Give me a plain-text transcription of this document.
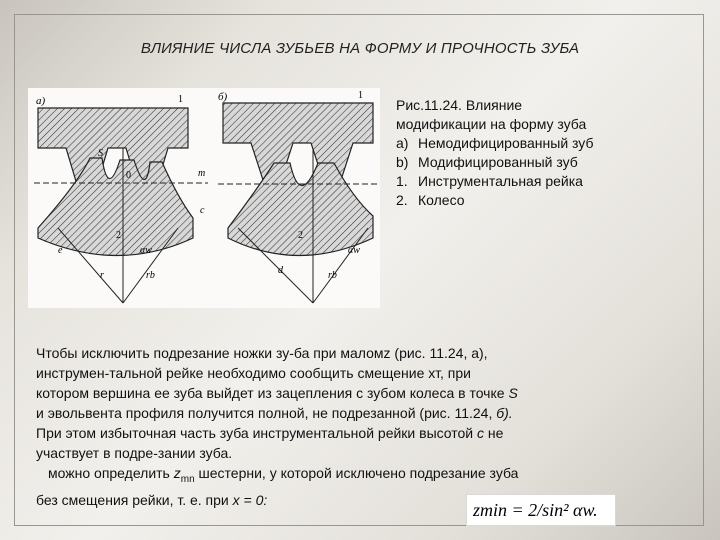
ВЛИЯНИЕ ЧИСЛА ЗУБЬЕВ НА ФОРМУ И ПРОЧНОСТЬ ЗУБА
а)	б)
1
2
0
S
m
c
e
r	rb
αw
1
2
d	rb
αw
Рис.11.24. Влияние
модификации на форму зуба
a) Немодифицированный зуб
b) Модифицированный зуб
1. Инструментальная рейка
2. Колесо

Чтобы исключить подрезание ножки зу-ба при маломz (рис. 11.24, а),

инструмен-тальной рейке необходимо сообщить смещение хт, при

котором вершина ее зуба выйдет из зацепления с зубом колеса в точке S

и эвольвента профиля получится полной, не подрезанной (рис. 11.24, б).

При этом избыточная часть зуба инструментальной рейки высотой с не

участвует в подре-зании зуба.

можно определить $z_{mn}$ шестерни, у которой исключено подрезание зуба

без смещения рейки, т. е. при x = 0:

zmin = 2/sin² αw.
